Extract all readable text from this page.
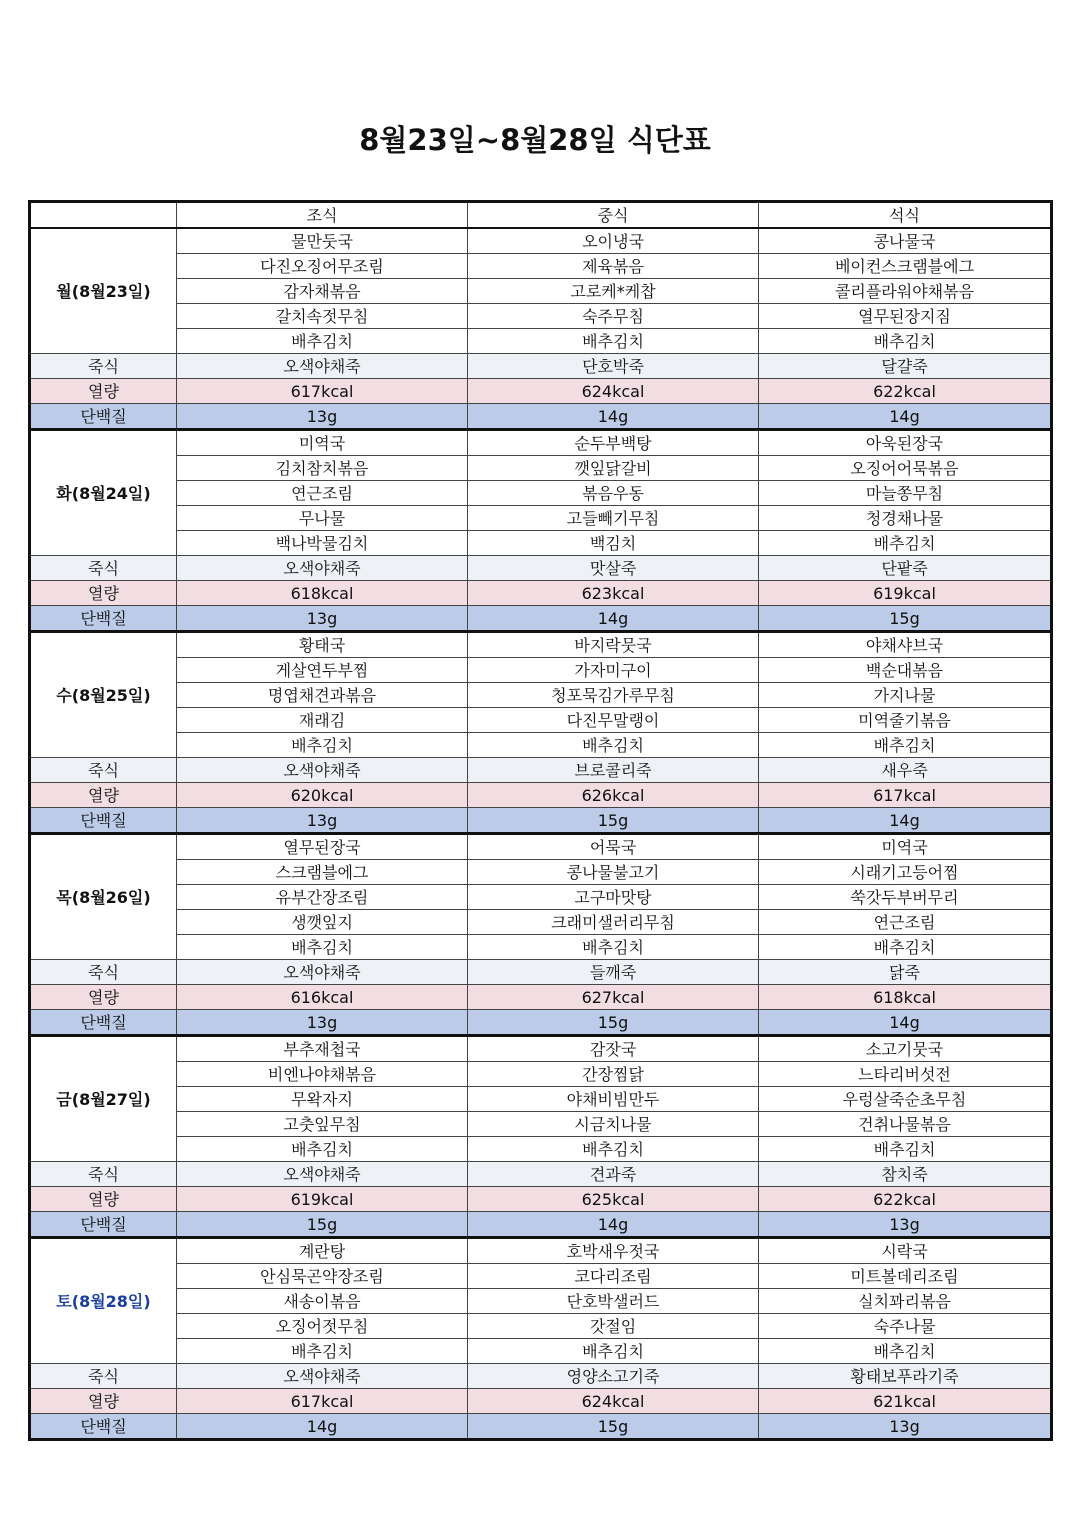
8월23일~8월28일 식단표
	조식	중식	석식
월(8월23일)	물만둣국	오이냉국	콩나물국
	다진오징어무조림	제육볶음	베이컨스크램블에그
	감자채볶음	고로케*케찹	콜리플라워야채볶음
	갈치속젓무침	숙주무침	열무된장지짐
	배추김치	배추김치	배추김치
죽식	오색야채죽	단호박죽	달걀죽
열량	617kcal	624kcal	622kcal
단백질	13g	14g	14g
화(8월24일)	미역국	순두부백탕	아욱된장국
	김치참치볶음	깻잎닭갈비	오징어어묵볶음
	연근조림	볶음우동	마늘쫑무침
	무나물	고들빼기무침	청경채나물
	백나박물김치	백김치	배추김치
죽식	오색야채죽	맛살죽	단팥죽
열량	618kcal	623kcal	619kcal
단백질	13g	14g	15g
수(8월25일)	황태국	바지락뭇국	야채샤브국
	게살연두부찜	가자미구이	백순대볶음
	명엽채견과볶음	청포묵김가루무침	가지나물
	재래김	다진무말랭이	미역줄기볶음
	배추김치	배추김치	배추김치
죽식	오색야채죽	브로콜리죽	새우죽
열량	620kcal	626kcal	617kcal
단백질	13g	15g	14g
목(8월26일)	열무된장국	어묵국	미역국
	스크램블에그	콩나물불고기	시래기고등어찜
	유부간장조림	고구마맛탕	쑥갓두부버무리
	생깻잎지	크래미샐러리무침	연근조림
	배추김치	배추김치	배추김치
죽식	오색야채죽	들깨죽	닭죽
열량	616kcal	627kcal	618kcal
단백질	13g	15g	14g
금(8월27일)	부추재첩국	감잣국	소고기뭇국
	비엔나야채볶음	간장찜닭	느타리버섯전
	무왁자지	야채비빔만두	우렁살죽순초무침
	고춧잎무침	시금치나물	건취나물볶음
	배추김치	배추김치	배추김치
죽식	오색야채죽	견과죽	참치죽
열량	619kcal	625kcal	622kcal
단백질	15g	14g	13g
토(8월28일)	계란탕	호박새우젓국	시락국
	안심묵곤약장조림	코다리조림	미트볼데리조림
	새송이볶음	단호박샐러드	실치꽈리볶음
	오징어젓무침	갓절임	숙주나물
	배추김치	배추김치	배추김치
죽식	오색야채죽	영양소고기죽	황태보푸라기죽
열량	617kcal	624kcal	621kcal
단백질	14g	15g	13g
